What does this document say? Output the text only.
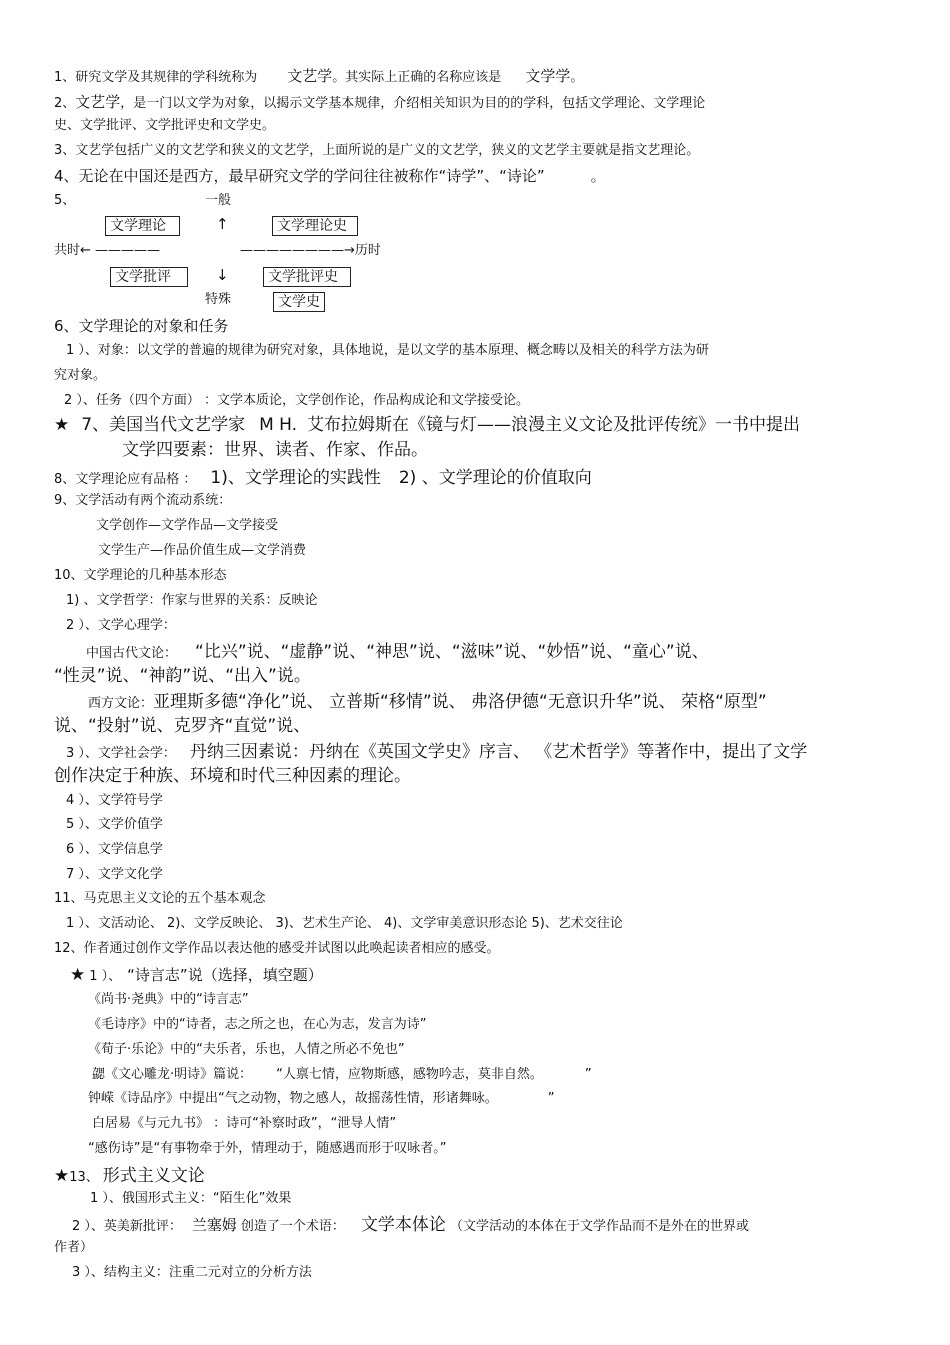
1、研究文学及其规律的学科统称为 文艺学。其实际上正确的名称应该是 文学学。
2、文艺学，是一门以文学为对象，以揭示文学基本规律，介绍相关知识为目的的学科，包括文学理论、文学理论
史、文学批评、文学批评史和文学史。
3、文艺学包括广义的文艺学和狭义的文艺学，上面所说的是广义的文艺学，狭义的文艺学主要就是指文艺理论。
4、无论在中国还是西方，最早研究文学的学问往往被称作“诗学”、“诗论”	。
5、	一般
文学理论	↑	文学理论史
共时← —————	————————→历时
文学批评	↓	文学批评史
特殊	文学史
6、文学理论的对象和任务
1 ）、对象：以文学的普遍的规律为研究对象，具体地说，是以文学的基本原理、概念畴以及相关的科学方法为研
究对象。
2 ）、任务（四个方面） ：文学本质论，文学创作论，作品构成论和文学接受论。
★ 7、美国当代文艺学家 M H. 艾布拉姆斯在《镜与灯——浪漫主义文论及批评传统》一书中提出
文学四要素：世界、读者、作家、作品。
8、文学理论应有品格 ： 1)、文学理论的实践性 2) 、文学理论的价值取向
9、文学活动有两个流动系统：
文学创作—文学作品—文学接受
文学生产—作品价值生成—文学消费
10、文学理论的几种基本形态
1) 、文学哲学：作家与世界的关系：反映论
2 ）、文学心理学：
中国古代文论： “比兴”说、“虚静”说、“神思”说、“滋味”说、“妙悟”说、“童心”说、
“性灵”说、“神韵”说、“出入”说。
西方文论：亚理斯多德“净化”说、 立普斯“移情”说、 弗洛伊德“无意识升华”说、 荣格“原型”
说、“投射”说、克罗齐“直觉”说、
3 ）、文学社会学： 丹纳三因素说：丹纳在《英国文学史》序言、 《艺术哲学》等著作中，提出了文学
创作决定于种族、环境和时代三种因素的理论。
4 ）、文学符号学
5 ）、文学价值学
6 ）、文学信息学
7 ）、文学文化学
11、马克思主义文论的五个基本观念
1 ）、文活动论、 2)、文学反映论、 3)、艺术生产论、 4)、文学审美意识形态论 5)、艺术交往论
12、作者通过创作文学作品以表达他的感受并试图以此唤起读者相应的感受。
★ 1 ）、 “诗言志”说（选择，填空题）
《尚书·尧典》中的“诗言志”
《毛诗序》中的“诗者，志之所之也，在心为志，发言为诗”
《荀子·乐论》中的“夫乐者，乐也，人情之所必不免也”
勰《文心雕龙·明诗》篇说： “人禀七情，应物斯感，感物吟志，莫非自然。	”
钟嵘《诗品序》中提出“气之动物，物之感人，故摇荡性情，形诸舞咏。	”
白居易《与元九书》 ：诗可“补察时政”，“泄导人情”
“感伤诗”是“有事物牵于外，情理动于，随感遇而形于叹咏者。”
★13、 形式主义文论
1 ）、俄国形式主义：“陌生化”效果
2 ）、英美新批评： 兰塞姆 创造了一个术语： 文学本体论 （文学活动的本体在于文学作品而不是外在的世界或
作者）
3 ）、结构主义：注重二元对立的分析方法
